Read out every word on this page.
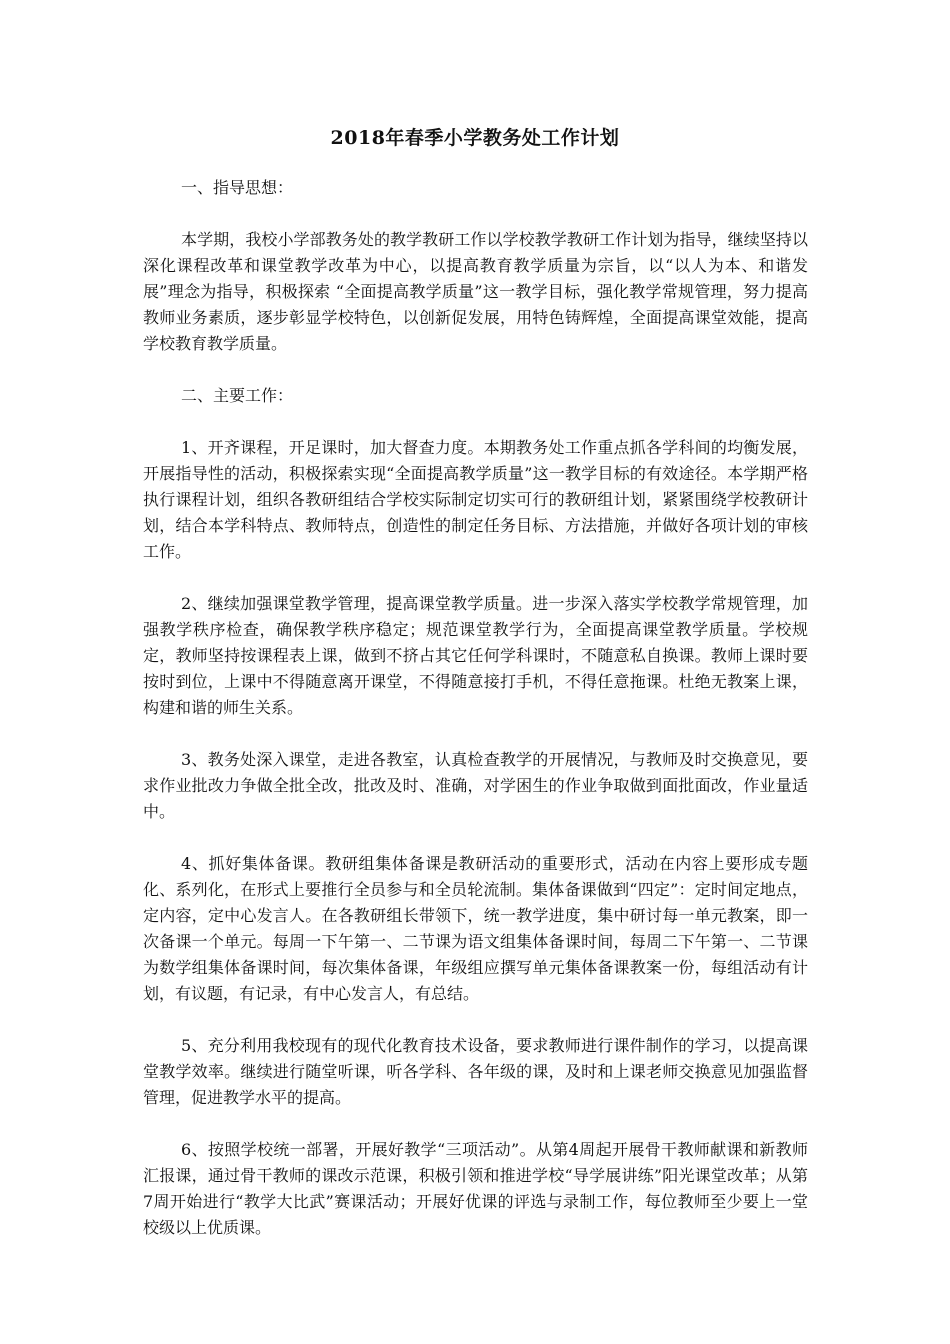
2018年春季小学教务处工作计划

一、指导思想：

本学期，我校小学部教务处的教学教研工作以学校教学教研工作计划为指导，继续坚持以深化课程改革和课堂教学改革为中心，以提高教育教学质量为宗旨，以“以人为本、和谐发展”理念为指导，积极探索 “全面提高教学质量”这一教学目标，强化教学常规管理，努力提高教师业务素质，逐步彰显学校特色，以创新促发展，用特色铸辉煌，全面提高课堂效能，提高学校教育教学质量。

二、主要工作：

1、开齐课程，开足课时，加大督查力度。本期教务处工作重点抓各学科间的均衡发展，开展指导性的活动，积极探索实现“全面提高教学质量”这一教学目标的有效途径。本学期严格执行课程计划，组织各教研组结合学校实际制定切实可行的教研组计划，紧紧围绕学校教研计划，结合本学科特点、教师特点，创造性的制定任务目标、方法措施，并做好各项计划的审核工作。

2、继续加强课堂教学管理，提高课堂教学质量。进一步深入落实学校教学常规管理，加强教学秩序检查，确保教学秩序稳定；规范课堂教学行为，全面提高课堂教学质量。学校规定，教师坚持按课程表上课，做到不挤占其它任何学科课时，不随意私自换课。教师上课时要按时到位，上课中不得随意离开课堂，不得随意接打手机，不得任意拖课。杜绝无教案上课，构建和谐的师生关系。

3、教务处深入课堂，走进各教室，认真检查教学的开展情况，与教师及时交换意见，要求作业批改力争做全批全改，批改及时、准确，对学困生的作业争取做到面批面改，作业量适中。

4、抓好集体备课。教研组集体备课是教研活动的重要形式，活动在内容上要形成专题化、系列化，在形式上要推行全员参与和全员轮流制。集体备课做到“四定”：定时间定地点，定内容，定中心发言人。在各教研组长带领下，统一教学进度，集中研讨每一单元教案，即一次备课一个单元。每周一下午第一、二节课为语文组集体备课时间，每周二下午第一、二节课为数学组集体备课时间，每次集体备课，年级组应撰写单元集体备课教案一份，每组活动有计划，有议题，有记录，有中心发言人，有总结。

5、充分利用我校现有的现代化教育技术设备，要求教师进行课件制作的学习，以提高课堂教学效率。继续进行随堂听课，听各学科、各年级的课，及时和上课老师交换意见加强监督管理，促进教学水平的提高。

6、按照学校统一部署，开展好教学“三项活动”。从第4周起开展骨干教师献课和新教师汇报课，通过骨干教师的课改示范课，积极引领和推进学校“导学展讲练”阳光课堂改革；从第7周开始进行“教学大比武”赛课活动；开展好优课的评选与录制工作，每位教师至少要上一堂校级以上优质课。
